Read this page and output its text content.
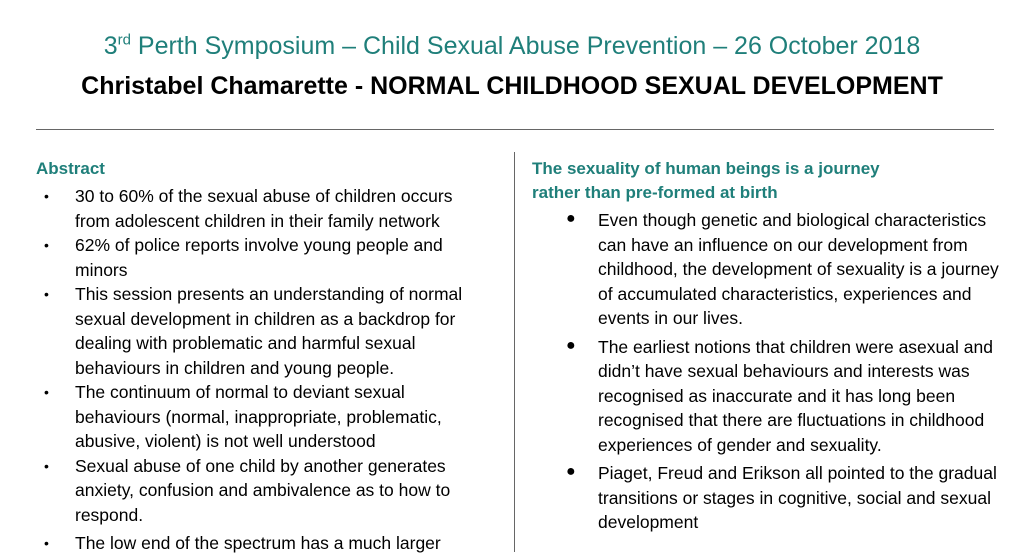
3rd Perth Symposium – Child Sexual Abuse Prevention – 26 October 2018
Christabel Chamarette - NORMAL CHILDHOOD SEXUAL DEVELOPMENT
Abstract
• 30 to 60% of the sexual abuse of children occurs from adolescent children in their family network
• 62% of police reports involve young people and minors
• This session presents an understanding of normal sexual development in children as a backdrop for dealing with problematic and harmful sexual behaviours in children and young people.
• The continuum of normal to deviant sexual behaviours (normal, inappropriate, problematic, abusive, violent) is not well understood
• Sexual abuse of one child by another generates anxiety, confusion and ambivalence as to how to respond.
• The low end of the spectrum has a much larger
The sexuality of human beings is a journey
rather than pre-formed at birth
● Even though genetic and biological characteristics can have an influence on our development from childhood, the development of sexuality is a journey of accumulated characteristics, experiences and events in our lives.
● The earliest notions that children were asexual and didn’t have sexual behaviours and interests was recognised as inaccurate and it has long been recognised that there are fluctuations in childhood experiences of gender and sexuality.
● Piaget, Freud and Erikson all pointed to the gradual transitions or stages in cognitive, social and sexual development
